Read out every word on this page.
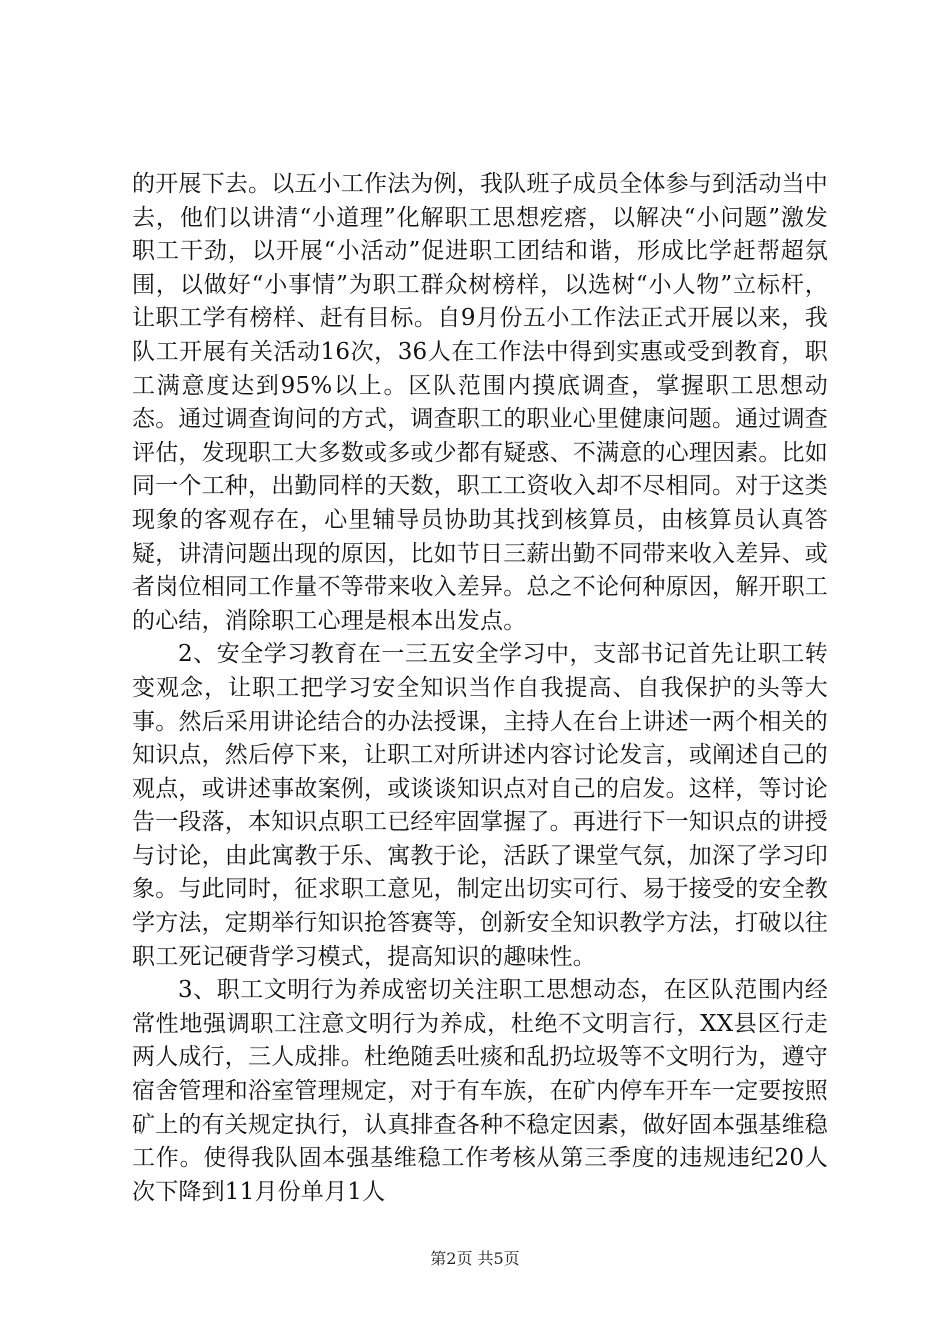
的开展下去。以五小工作法为例，我队班子成员全体参与到活动当中去，他们以讲清“小道理”化解职工思想疙瘩，以解决“小问题”激发职工干劲，以开展“小活动”促进职工团结和谐，形成比学赶帮超氛围，以做好“小事情”为职工群众树榜样，以选树“小人物”立标杆，让职工学有榜样、赶有目标。自9月份五小工作法正式开展以来，我队工开展有关活动16次，36人在工作法中得到实惠或受到教育，职工满意度达到95%以上。区队范围内摸底调查，掌握职工思想动态。通过调查询问的方式，调查职工的职业心里健康问题。通过调查评估，发现职工大多数或多或少都有疑惑、不满意的心理因素。比如同一个工种，出勤同样的天数，职工工资收入却不尽相同。对于这类现象的客观存在，心里辅导员协助其找到核算员，由核算员认真答疑，讲清问题出现的原因，比如节日三薪出勤不同带来收入差异、或者岗位相同工作量不等带来收入差异。总之不论何种原因，解开职工的心结，消除职工心理是根本出发点。

2、安全学习教育在一三五安全学习中，支部书记首先让职工转变观念，让职工把学习安全知识当作自我提高、自我保护的头等大事。然后采用讲论结合的办法授课，主持人在台上讲述一两个相关的知识点，然后停下来，让职工对所讲述内容讨论发言，或阐述自己的观点，或讲述事故案例，或谈谈知识点对自己的启发。这样，等讨论告一段落，本知识点职工已经牢固掌握了。再进行下一知识点的讲授与讨论，由此寓教于乐、寓教于论，活跃了课堂气氛，加深了学习印象。与此同时，征求职工意见，制定出切实可行、易于接受的安全教学方法，定期举行知识抢答赛等，创新安全知识教学方法，打破以往职工死记硬背学习模式，提高知识的趣味性。

3、职工文明行为养成密切关注职工思想动态，在区队范围内经常性地强调职工注意文明行为养成，杜绝不文明言行，XX县区行走两人成行，三人成排。杜绝随丢吐痰和乱扔垃圾等不文明行为，遵守宿舍管理和浴室管理规定，对于有车族，在矿内停车开车一定要按照矿上的有关规定执行，认真排查各种不稳定因素，做好固本强基维稳工作。使得我队固本强基维稳工作考核从第三季度的违规违纪20人次下降到11月份单月1人

第2页 共5页
